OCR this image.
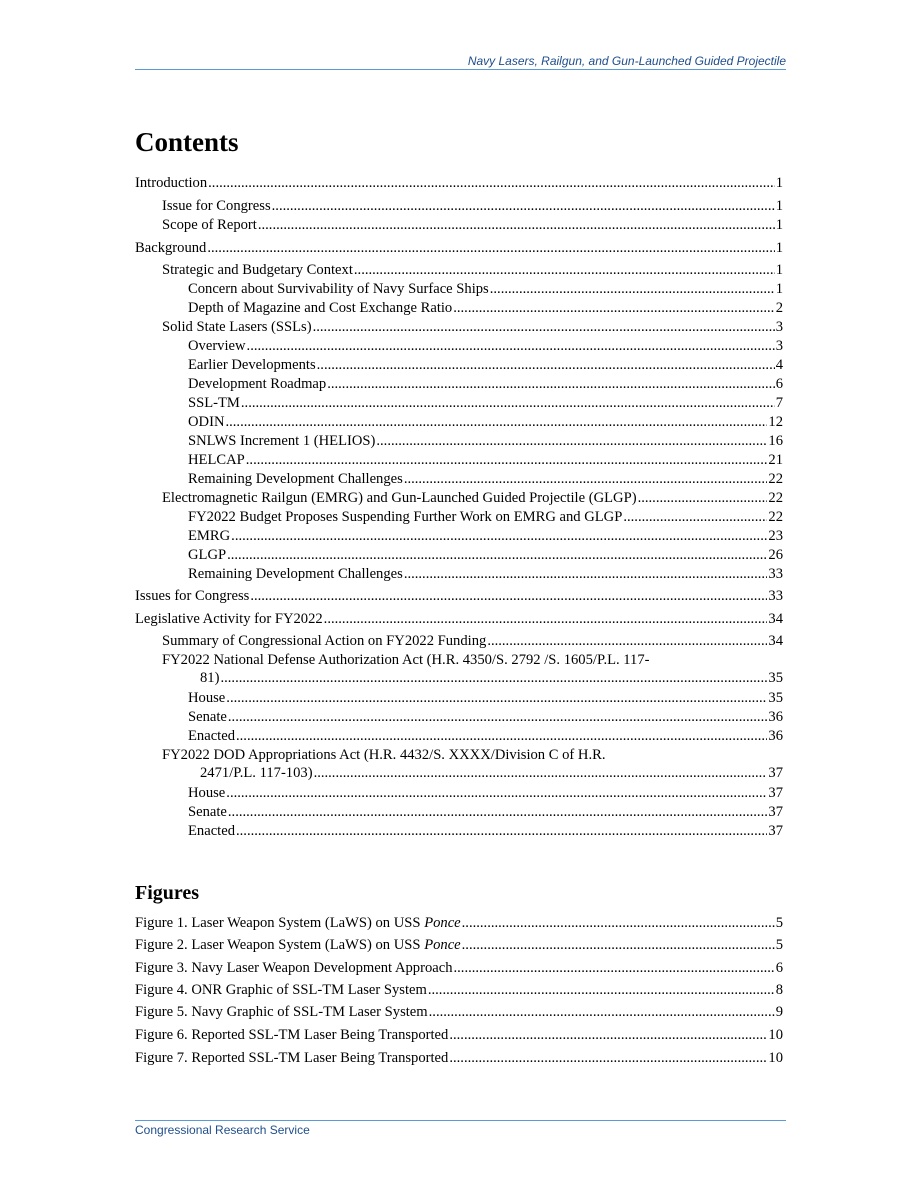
Navy Lasers, Railgun, and Gun-Launched Guided Projectile
Contents
Introduction .....	1
Issue for Congress .....	1
Scope of Report .....	1
Background .....	1
Strategic and Budgetary Context .....	1
Concern about Survivability of Navy Surface Ships .....	1
Depth of Magazine and Cost Exchange Ratio .....	2
Solid State Lasers (SSLs) .....	3
Overview .....	3
Earlier Developments .....	4
Development Roadmap .....	6
SSL-TM .....	7
ODIN .....	12
SNLWS Increment 1 (HELIOS) .....	16
HELCAP .....	21
Remaining Development Challenges .....	22
Electromagnetic Railgun (EMRG) and Gun-Launched Guided Projectile (GLGP) .....	22
FY2022 Budget Proposes Suspending Further Work on EMRG and GLGP .....	22
EMRG .....	23
GLGP .....	26
Remaining Development Challenges .....	33
Issues for Congress .....	33
Legislative Activity for FY2022 .....	34
Summary of Congressional Action on FY2022 Funding .....	34
FY2022 National Defense Authorization Act (H.R. 4350/S. 2792 /S. 1605/P.L. 117-
81) .....	35
House .....	35
Senate .....	36
Enacted .....	36
FY2022 DOD Appropriations Act (H.R. 4432/S. XXXX/Division C of H.R.
2471/P.L. 117-103) .....	37
House .....	37
Senate .....	37
Enacted .....	37
Figures
Figure 1. Laser Weapon System (LaWS) on USS Ponce .....	5
Figure 2. Laser Weapon System (LaWS) on USS Ponce .....	5
Figure 3. Navy Laser Weapon Development Approach .....	6
Figure 4. ONR Graphic of SSL-TM Laser System .....	8
Figure 5. Navy Graphic of SSL-TM Laser System .....	9
Figure 6. Reported SSL-TM Laser Being Transported .....	10
Figure 7. Reported SSL-TM Laser Being Transported .....	10
Congressional Research Service
